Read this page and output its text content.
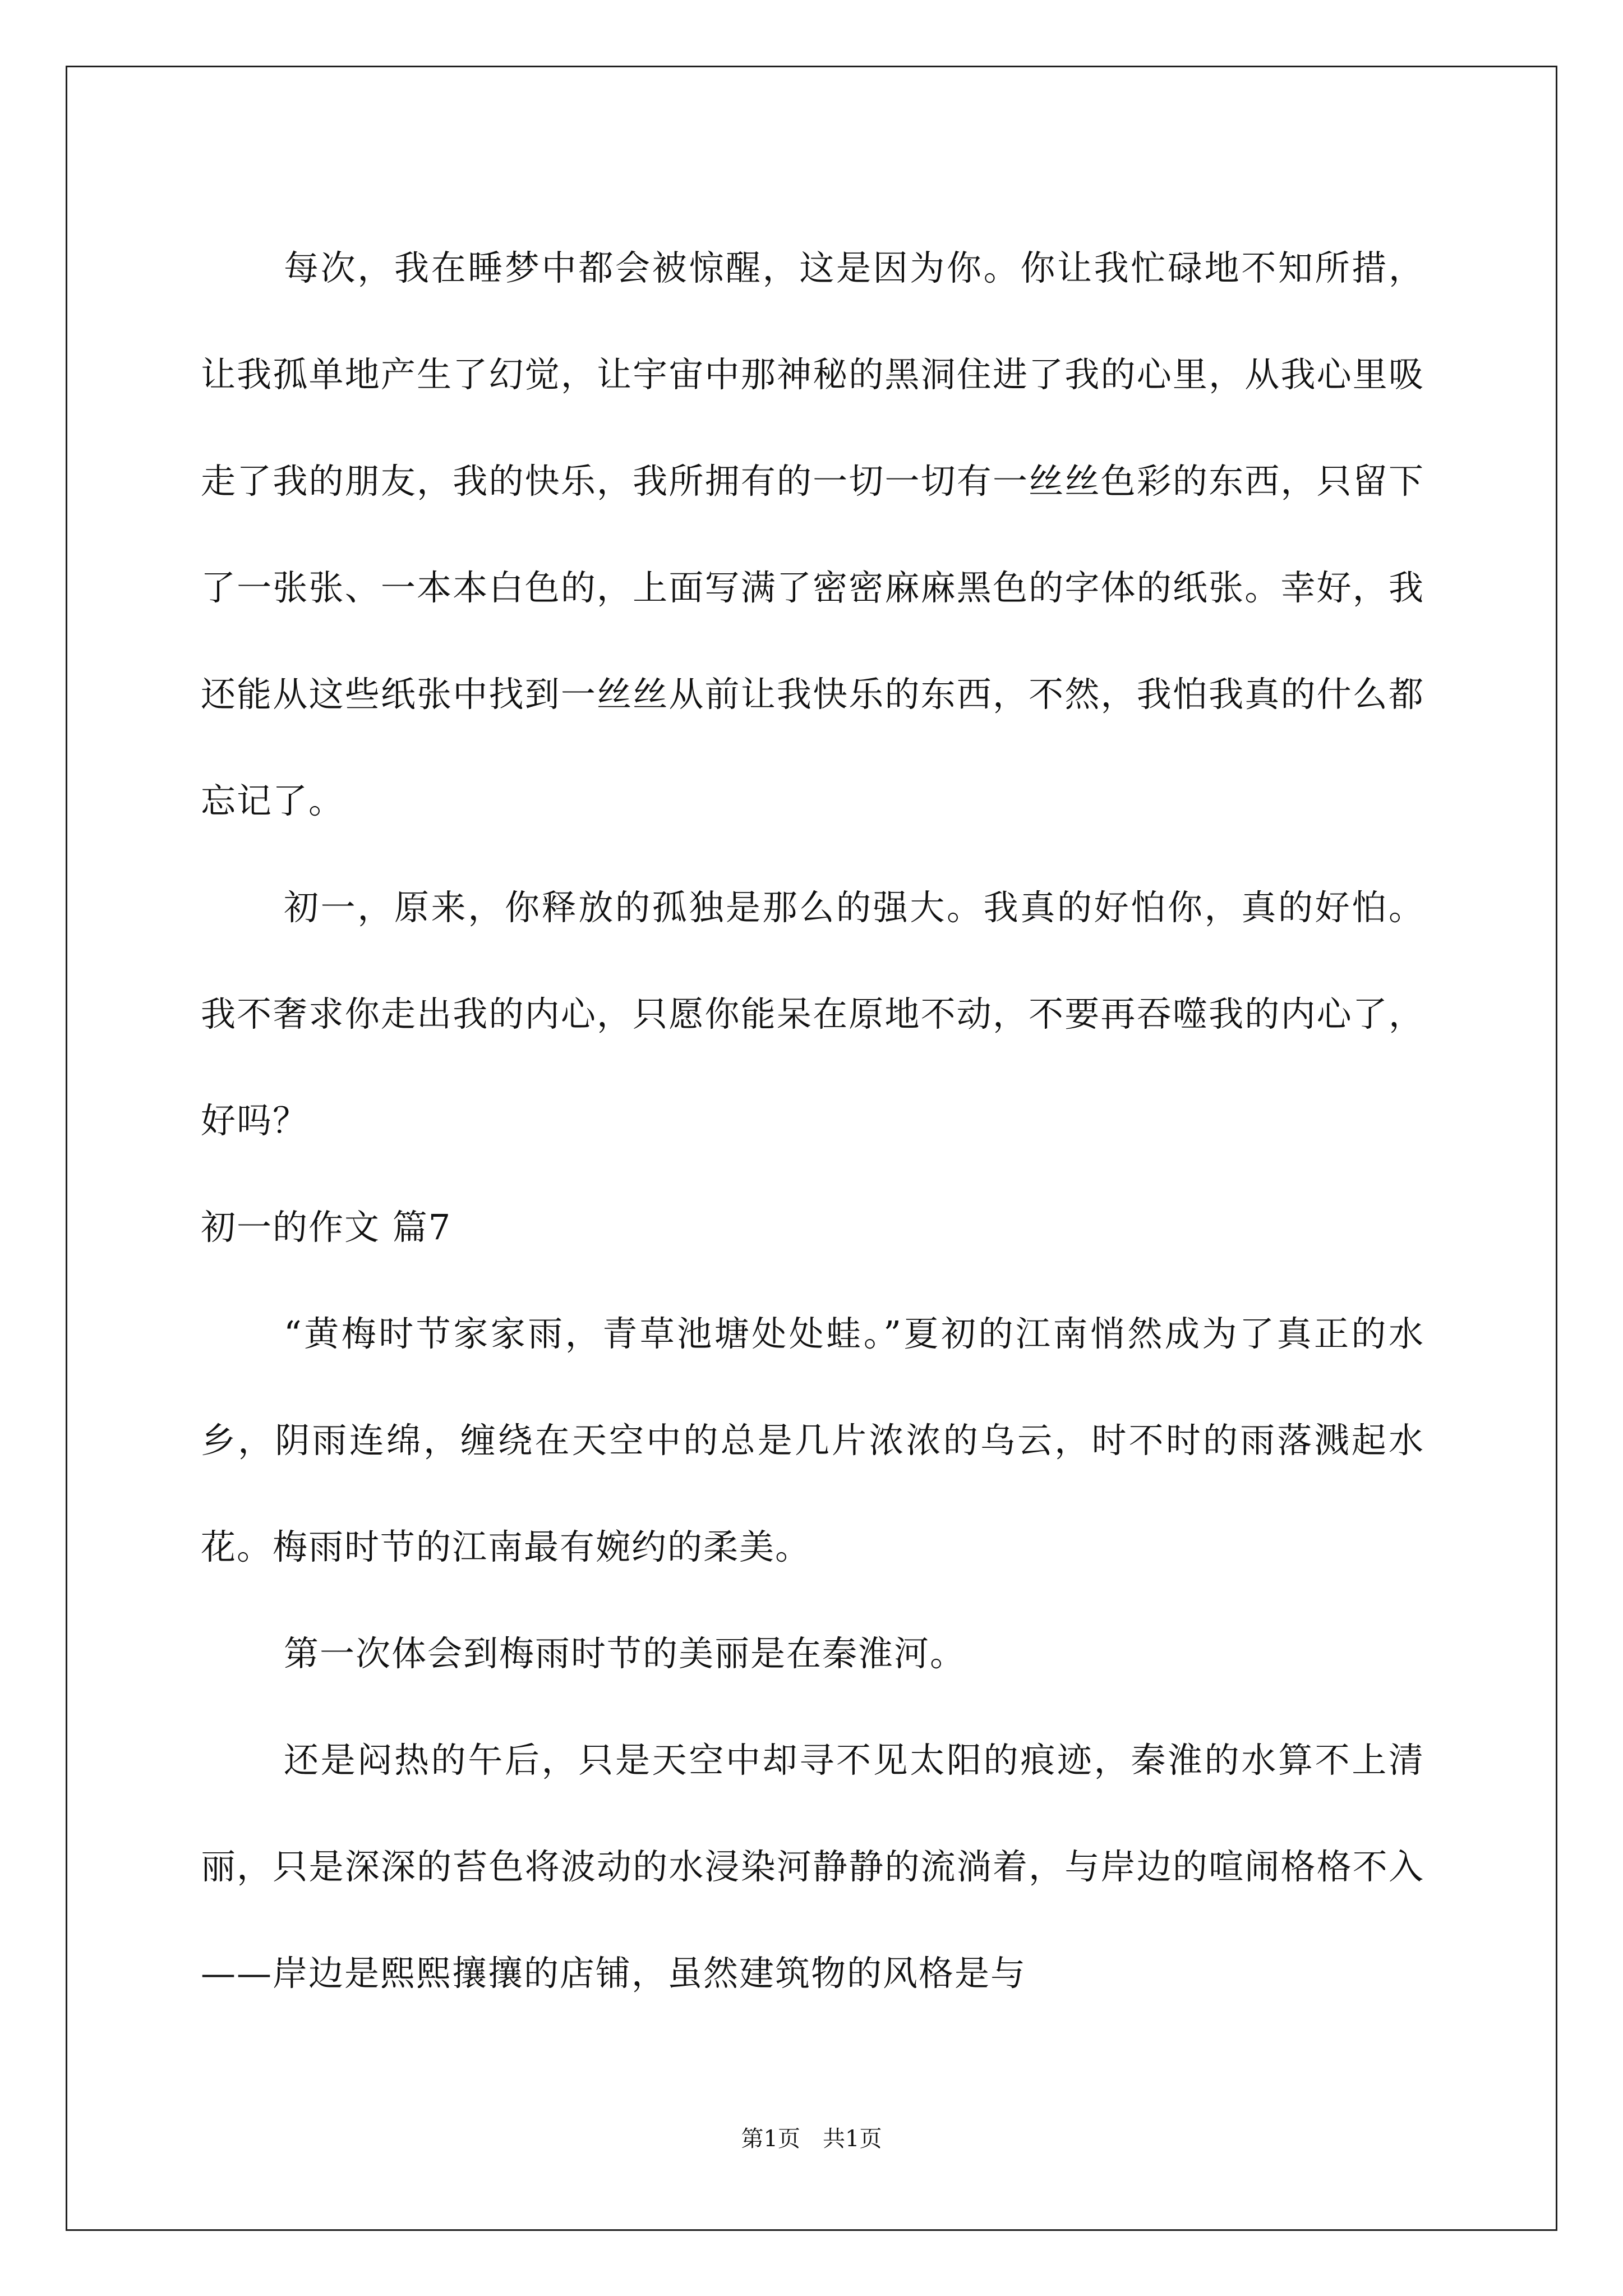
每次，我在睡梦中都会被惊醒，这是因为你。你让我忙碌地不知所措，让我孤单地产生了幻觉，让宇宙中那神秘的黑洞住进了我的心里，从我心里吸走了我的朋友，我的快乐，我所拥有的一切一切有一丝丝色彩的东西，只留下了一张张、一本本白色的，上面写满了密密麻麻黑色的字体的纸张。幸好，我还能从这些纸张中找到一丝丝从前让我快乐的东西，不然，我怕我真的什么都忘记了。

初一，原来，你释放的孤独是那么的强大。我真的好怕你，真的好怕。我不奢求你走出我的内心，只愿你能呆在原地不动，不要再吞噬我的内心了，好吗？

初一的作文 篇7

“黄梅时节家家雨，青草池塘处处蛙。”夏初的江南悄然成为了真正的水乡，阴雨连绵，缠绕在天空中的总是几片浓浓的乌云，时不时的雨落溅起水花。梅雨时节的江南最有婉约的柔美。

第一次体会到梅雨时节的美丽是在秦淮河。

还是闷热的午后，只是天空中却寻不见太阳的痕迹，秦淮的水算不上清丽，只是深深的苔色将波动的水浸染河静静的流淌着，与岸边的喧闹格格不入——岸边是熙熙攘攘的店铺，虽然建筑物的风格是与

第1页 共1页
